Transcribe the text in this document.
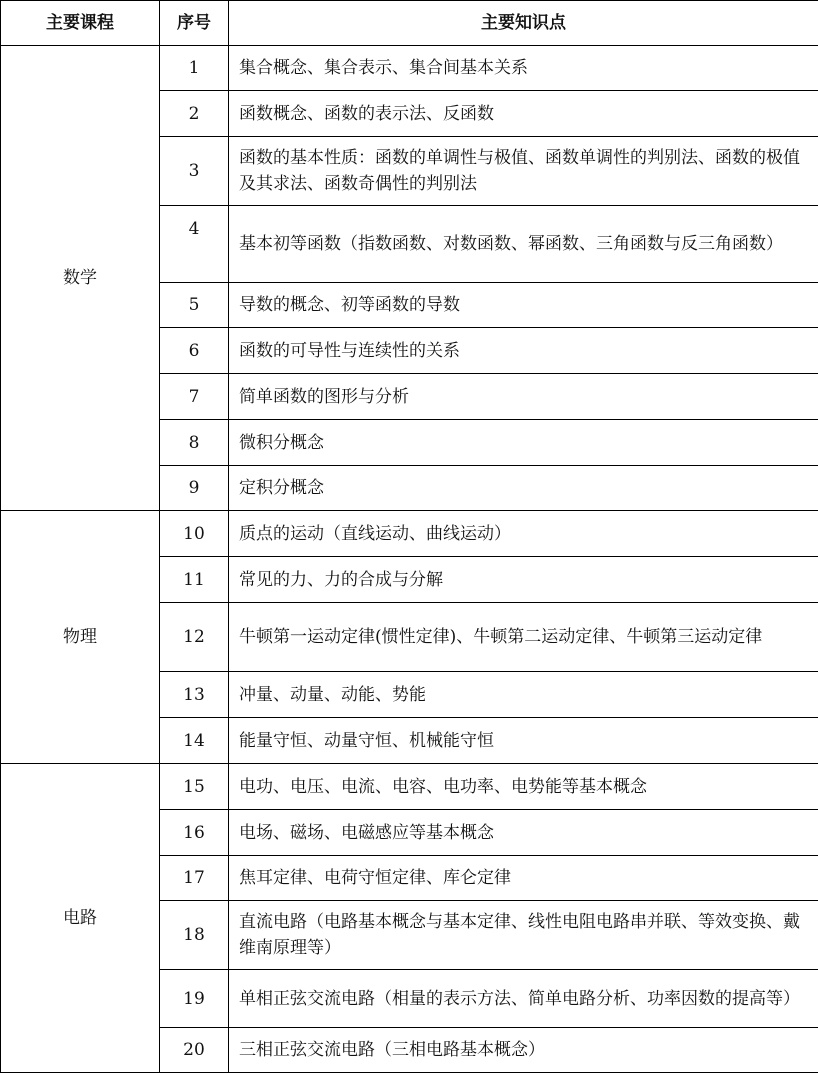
主要课程	序号	主要知识点
数学	1	集合概念、集合表示、集合间基本关系
	2	函数概念、函数的表示法、反函数
	3	函数的基本性质：函数的单调性与极值、函数单调性的判别法、函数的极值及其求法、函数奇偶性的判别法
	4	基本初等函数（指数函数、对数函数、幂函数、三角函数与反三角函数）
	5	导数的概念、初等函数的导数
	6	函数的可导性与连续性的关系
	7	简单函数的图形与分析
	8	微积分概念
	9	定积分概念
物理	10	质点的运动（直线运动、曲线运动）
	11	常见的力、力的合成与分解
	12	牛顿第一运动定律(惯性定律)、牛顿第二运动定律、牛顿第三运动定律
	13	冲量、动量、动能、势能
	14	能量守恒、动量守恒、机械能守恒
电路	15	电功、电压、电流、电容、电功率、电势能等基本概念
	16	电场、磁场、电磁感应等基本概念
	17	焦耳定律、电荷守恒定律、库仑定律
	18	直流电路（电路基本概念与基本定律、线性电阻电路串并联、等效变换、戴维南原理等）
	19	单相正弦交流电路（相量的表示方法、简单电路分析、功率因数的提高等）
	20	三相正弦交流电路（三相电路基本概念）
